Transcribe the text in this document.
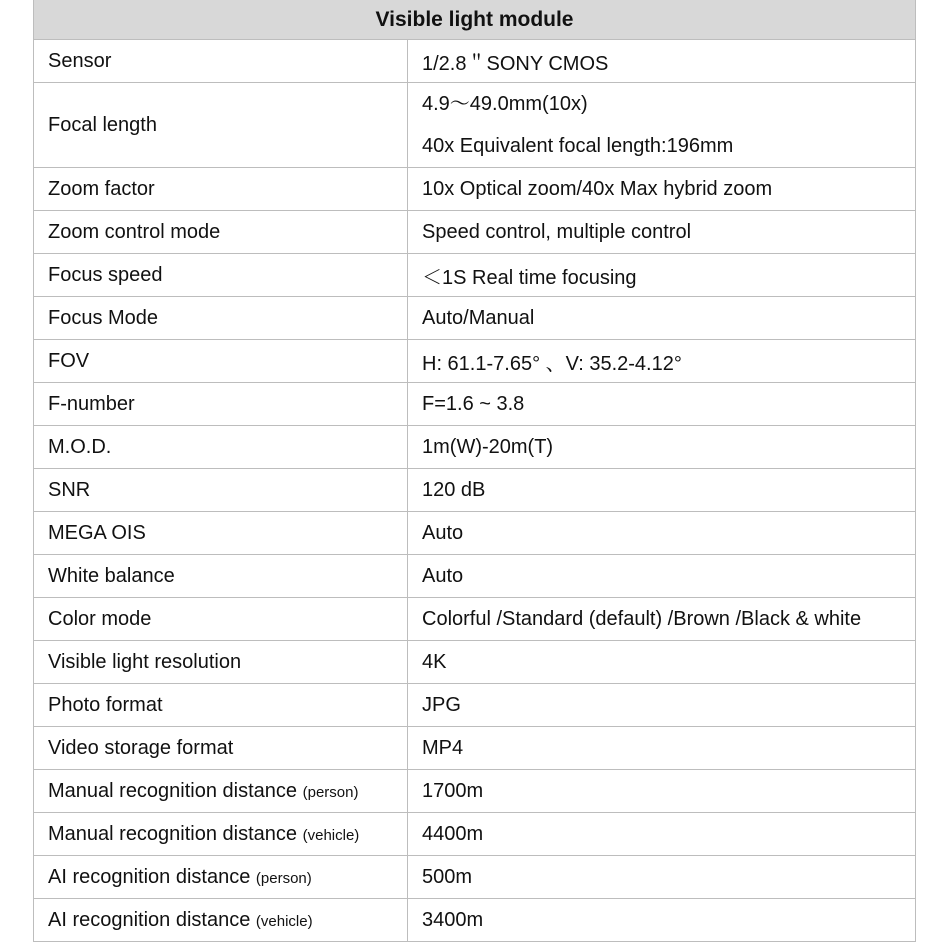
Visible light module	
Sensor	1/2.8＂SONY CMOS
Focal length	4.9～49.0mm(10x)
40x Equivalent focal length:196mm

Zoom factor	10x Optical zoom/40x Max hybrid zoom
Zoom control mode	Speed control, multiple control
Focus speed	＜1S Real time focusing
Focus Mode	Auto/Manual
FOV	H: 61.1-7.65° 、V: 35.2-4.12°
F-number	F=1.6 ~ 3.8
M.O.D.	1m(W)-20m(T)
SNR	120 dB
MEGA OIS	Auto
White balance	Auto
Color mode	Colorful /Standard (default) /Brown /Black & white
Visible light resolution	4K
Photo format	JPG
Video storage format	MP4
Manual recognition distance (person)	1700m
Manual recognition distance (vehicle)	4400m
AI recognition distance (person)	500m
AI recognition distance (vehicle)	3400m
